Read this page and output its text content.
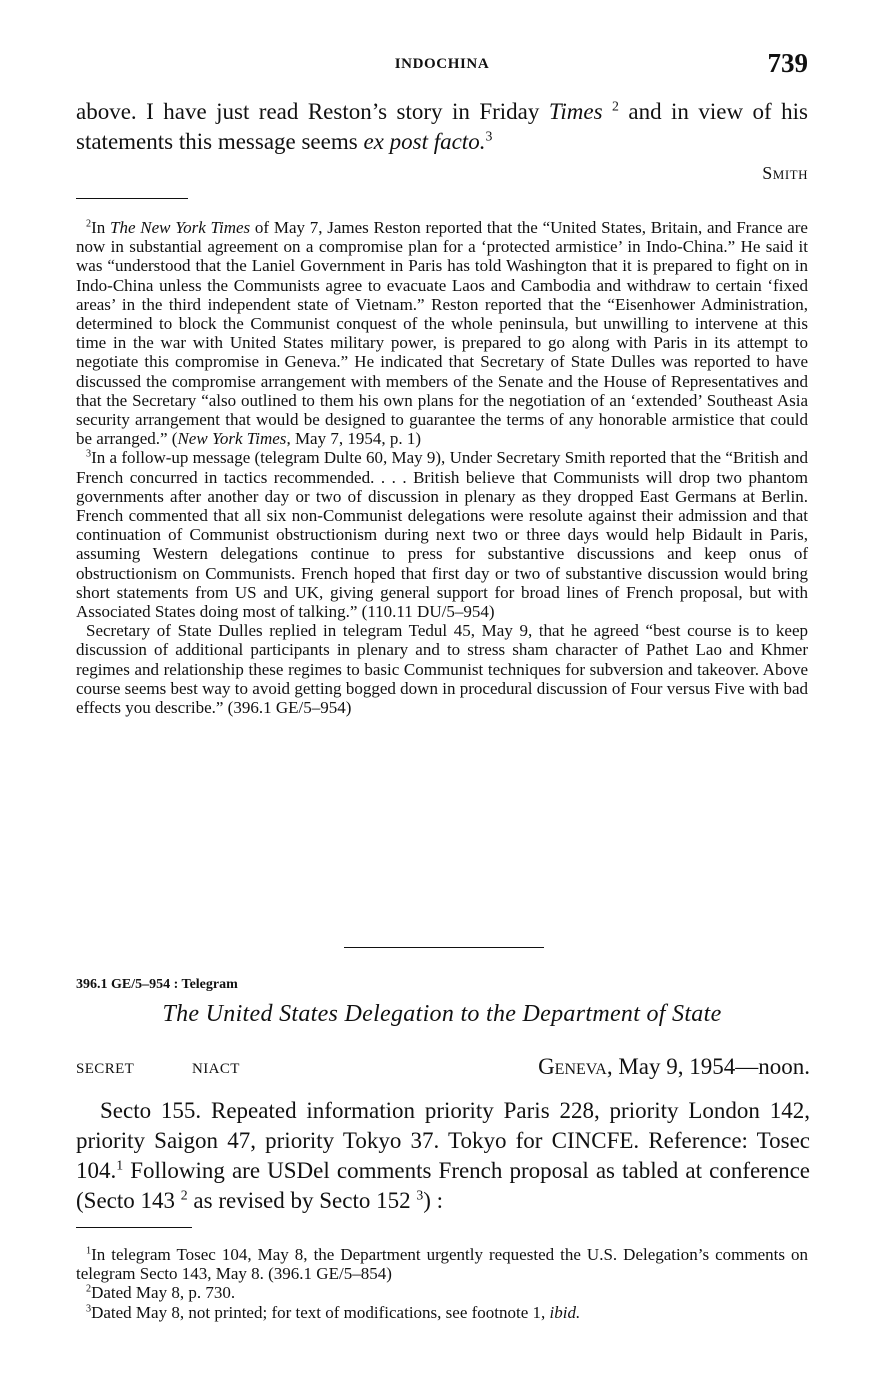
INDOCHINA	739

above. I have just read Reston’s story in Friday Times $^2$ and in view of his statements this message seems ex post facto.$^3$

Smith

$^2$In The New York Times of May 7, James Reston reported that the “United States, Britain, and France are now in substantial agreement on a compromise plan for a ‘protected armistice’ in Indo-China.” He said it was “understood that the Laniel Government in Paris has told Washington that it is prepared to fight on in Indo-China unless the Communists agree to evacuate Laos and Cambodia and withdraw to certain ‘fixed areas’ in the third independent state of Vietnam.” Reston reported that the “Eisenhower Administration, determined to block the Communist conquest of the whole peninsula, but unwilling to intervene at this time in the war with United States military power, is prepared to go along with Paris in its attempt to negotiate this compromise in Geneva.” He indicated that Secretary of State Dulles was reported to have discussed the compromise arrangement with members of the Senate and the House of Representatives and that the Secretary “also outlined to them his own plans for the negotiation of an ‘extended’ Southeast Asia security arrangement that would be designed to guarantee the terms of any honorable armistice that could be arranged.” (New York Times, May 7, 1954, p. 1)

$^3$In a follow-up message (telegram Dulte 60, May 9), Under Secretary Smith reported that the “British and French concurred in tactics recommended. . . . British believe that Communists will drop two phantom governments after another day or two of discussion in plenary as they dropped East Germans at Berlin. French commented that all six non-Communist delegations were resolute against their admission and that continuation of Communist obstructionism during next two or three days would help Bidault in Paris, assuming Western delegations continue to press for substantive discussions and keep onus of obstructionism on Communists. French hoped that first day or two of substantive discussion would bring short statements from US and UK, giving general support for broad lines of French proposal, but with Associated States doing most of talking.” (110.11 DU/5–954)

Secretary of State Dulles replied in telegram Tedul 45, May 9, that he agreed “best course is to keep discussion of additional participants in plenary and to stress sham character of Pathet Lao and Khmer regimes and relationship these regimes to basic Communist techniques for subversion and takeover. Above course seems best way to avoid getting bogged down in procedural discussion of Four versus Five with bad effects you describe.” (396.1 GE/5–954)

396.1 GE/5–954 : Telegram
The United States Delegation to the Department of State
SECRET	NIACT	Geneva, May 9, 1954—noon.

Secto 155. Repeated information priority Paris 228, priority London 142, priority Saigon 47, priority Tokyo 37. Tokyo for CINCFE. Reference: Tosec 104.$^1$ Following are USDel comments French proposal as tabled at conference (Secto 143 $^2$ as revised by Secto 152 $^3$) :

$^1$In telegram Tosec 104, May 8, the Department urgently requested the U.S. Delegation’s comments on telegram Secto 143, May 8. (396.1 GE/5–854)

$^2$Dated May 8, p. 730.

$^3$Dated May 8, not printed; for text of modifications, see footnote 1, ibid.
